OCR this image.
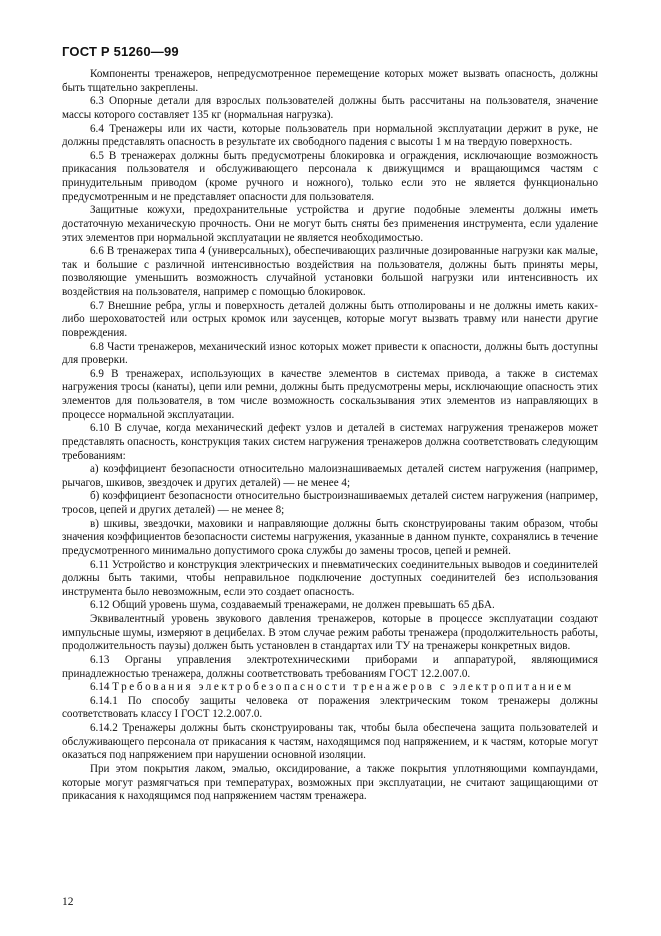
ГОСТ Р 51260—99

Компоненты тренажеров, непредусмотренное перемещение которых может вызвать опасность, должны быть тщательно закреплены.

6.3 Опорные детали для взрослых пользователей должны быть рассчитаны на пользователя, значение массы которого составляет 135 кг (нормальная нагрузка).

6.4 Тренажеры или их части, которые пользователь при нормальной эксплуатации держит в руке, не должны представлять опасность в результате их свободного падения с высоты 1 м на твердую поверхность.

6.5 В тренажерах должны быть предусмотрены блокировка и ограждения, исключающие возможность прикасания пользователя и обслуживающего персонала к движущимся и вращающимся частям с принудительным приводом (кроме ручного и ножного), только если это не является функционально предусмотренным и не представляет опасности для пользователя.

Защитные кожухи, предохранительные устройства и другие подобные элементы должны иметь достаточную механическую прочность. Они не могут быть сняты без применения инструмента, если удаление этих элементов при нормальной эксплуатации не является необходимостью.

6.6 В тренажерах типа 4 (универсальных), обеспечивающих различные дозированные нагрузки как малые, так и большие с различной интенсивностью воздействия на пользователя, должны быть приняты меры, позволяющие уменьшить возможность случайной установки большой нагрузки или интенсивность их воздействия на пользователя, например с помощью блокировок.

6.7 Внешние ребра, углы и поверхность деталей должны быть отполированы и не должны иметь каких-либо шероховатостей или острых кромок или заусенцев, которые могут вызвать травму или нанести другие повреждения.

6.8 Части тренажеров, механический износ которых может привести к опасности, должны быть доступны для проверки.

6.9 В тренажерах, использующих в качестве элементов в системах привода, а также в системах нагружения тросы (канаты), цепи или ремни, должны быть предусмотрены меры, исключающие опасность этих элементов для пользователя, в том числе возможность соскальзывания этих элементов из направляющих в процессе нормальной эксплуатации.

6.10 В случае, когда механический дефект узлов и деталей в системах нагружения тренажеров может представлять опасность, конструкция таких систем нагружения тренажеров должна соответствовать следующим требованиям:

а) коэффициент безопасности относительно малоизнашиваемых деталей систем нагружения (например, рычагов, шкивов, звездочек и других деталей) — не менее 4;

б) коэффициент безопасности относительно быстроизнашиваемых деталей систем нагружения (например, тросов, цепей и других деталей) — не менее 8;

в) шкивы, звездочки, маховики и направляющие должны быть сконструированы таким образом, чтобы значения коэффициентов безопасности системы нагружения, указанные в данном пункте, сохранялись в течение предусмотренного минимально допустимого срока службы до замены тросов, цепей и ремней.

6.11 Устройство и конструкция электрических и пневматических соединительных выводов и соединителей должны быть такими, чтобы неправильное подключение доступных соединителей без использования инструмента было невозможным, если это создает опасность.

6.12 Общий уровень шума, создаваемый тренажерами, не должен превышать 65 дБА.

Эквивалентный уровень звукового давления тренажеров, которые в процессе эксплуатации создают импульсные шумы, измеряют в децибелах. В этом случае режим работы тренажера (продолжительность работы, продолжительность паузы) должен быть установлен в стандартах или ТУ на тренажеры конкретных видов.

6.13 Органы управления электротехническими приборами и аппаратурой, являющимися принадлежностью тренажера, должны соответствовать требованиям ГОСТ 12.2.007.0.

6.14 Требования электробезопасности тренажеров с электропитанием

6.14.1 По способу защиты человека от поражения электрическим током тренажеры должны соответствовать классу I ГОСТ 12.2.007.0.

6.14.2 Тренажеры должны быть сконструированы так, чтобы была обеспечена защита пользователей и обслуживающего персонала от прикасания к частям, находящимся под напряжением, и к частям, которые могут оказаться под напряжением при нарушении основной изоляции.

При этом покрытия лаком, эмалью, оксидирование, а также покрытия уплотняющими компаундами, которые могут размягчаться при температурах, возможных при эксплуатации, не считают защищающими от прикасания к находящимся под напряжением частям тренажера.

12
